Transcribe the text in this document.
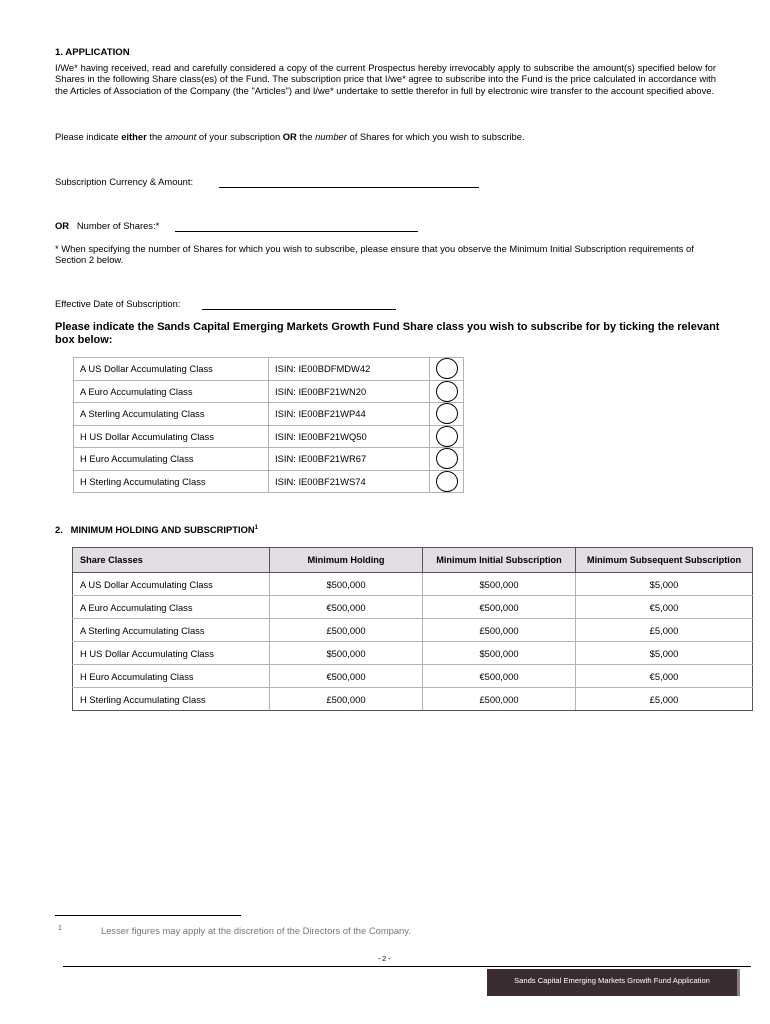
1. APPLICATION
I/We* having received, read and carefully considered a copy of the current Prospectus hereby irrevocably apply to subscribe the amount(s) specified below for Shares in the following Share class(es) of the Fund. The subscription price that I/we* agree to subscribe into the Fund is the price calculated in accordance with the Articles of Association of the Company (the "Articles") and I/we* undertake to settle therefor in full by electronic wire transfer to the account specified above.
Please indicate either the amount of your subscription OR the number of Shares for which you wish to subscribe.
Subscription Currency & Amount:
OR Number of Shares:*
* When specifying the number of Shares for which you wish to subscribe, please ensure that you observe the Minimum Initial Subscription requirements of Section 2 below.
Effective Date of Subscription:
Please indicate the Sands Capital Emerging Markets Growth Fund Share class you wish to subscribe for by ticking the relevant box below:
A US Dollar Accumulating Class	ISIN: IE00BDFMDW42	
A Euro Accumulating Class	ISIN: IE00BF21WN20	
A Sterling Accumulating Class	ISIN: IE00BF21WP44	
H US Dollar Accumulating Class	ISIN: IE00BF21WQ50	
H Euro Accumulating Class	ISIN: IE00BF21WR67	
H Sterling Accumulating Class	ISIN: IE00BF21WS74	
2.   MINIMUM HOLDING AND SUBSCRIPTION$^1$
Share Classes	Minimum Holding	Minimum Initial Subscription	Minimum Subsequent Subscription
A US Dollar Accumulating Class	$500,000	$500,000	$5,000
A Euro Accumulating Class	€500,000	€500,000	€5,000
A Sterling Accumulating Class	£500,000	£500,000	£5,000
H US Dollar Accumulating Class	$500,000	$500,000	$5,000
H Euro Accumulating Class	€500,000	€500,000	€5,000
H Sterling Accumulating Class	£500,000	£500,000	£5,000
1	Lesser figures may apply at the discretion of the Directors of the Company.
- 2 -
Sands Capital Emerging Markets Growth Fund Application
